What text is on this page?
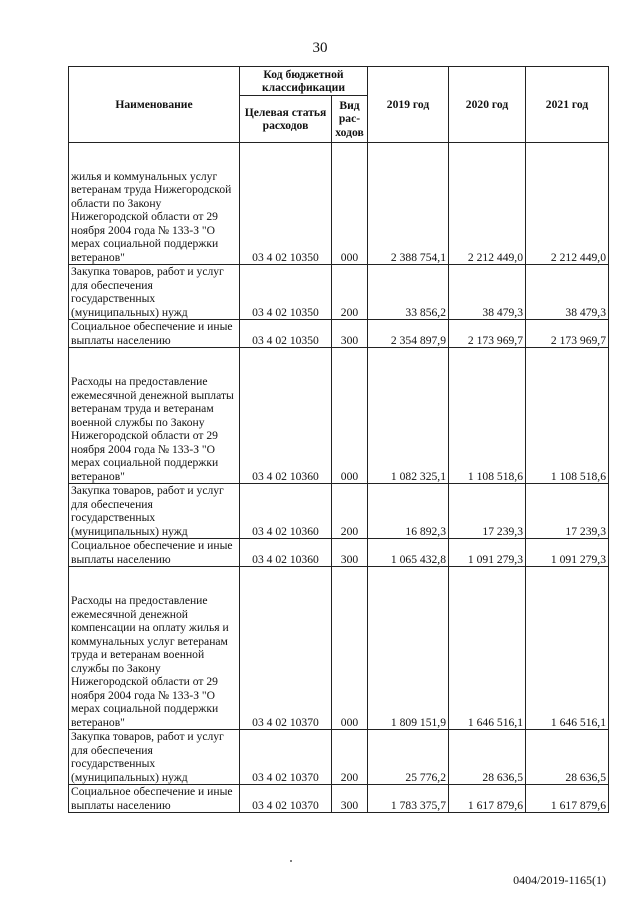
30
Наименование	Код бюджетной классификации		2019 год	2020 год	2021 год
	Целевая статья расходов	Вид рас-ходов			
жилья и коммунальных услуг ветеранам труда Нижегородской области по Закону Нижегородской области от 29 ноября 2004 года № 133-З "О мерах социальной поддержки ветеранов"	03 4 02 10350	000	2 388 754,1	2 212 449,0	2 212 449,0
Закупка товаров, работ и услуг для обеспечения государственных (муниципальных) нужд	03 4 02 10350	200	33 856,2	38 479,3	38 479,3
Социальное обеспечение и иные выплаты населению	03 4 02 10350	300	2 354 897,9	2 173 969,7	2 173 969,7
Расходы на предоставление ежемесячной денежной выплаты ветеранам труда и ветеранам военной службы по Закону Нижегородской области от 29 ноября 2004 года № 133-З "О мерах социальной поддержки ветеранов"	03 4 02 10360	000	1 082 325,1	1 108 518,6	1 108 518,6
Закупка товаров, работ и услуг для обеспечения государственных (муниципальных) нужд	03 4 02 10360	200	16 892,3	17 239,3	17 239,3
Социальное обеспечение и иные выплаты населению	03 4 02 10360	300	1 065 432,8	1 091 279,3	1 091 279,3
Расходы на предоставление ежемесячной денежной компенсации на оплату жилья и коммунальных услуг ветеранам труда и ветеранам военной службы по Закону Нижегородской области от 29 ноября 2004 года № 133-З "О мерах социальной поддержки ветеранов"	03 4 02 10370	000	1 809 151,9	1 646 516,1	1 646 516,1
Закупка товаров, работ и услуг для обеспечения государственных (муниципальных) нужд	03 4 02 10370	200	25 776,2	28 636,5	28 636,5
Социальное обеспечение и иные выплаты населению	03 4 02 10370	300	1 783 375,7	1 617 879,6	1 617 879,6
0404/2019-1165(1)
